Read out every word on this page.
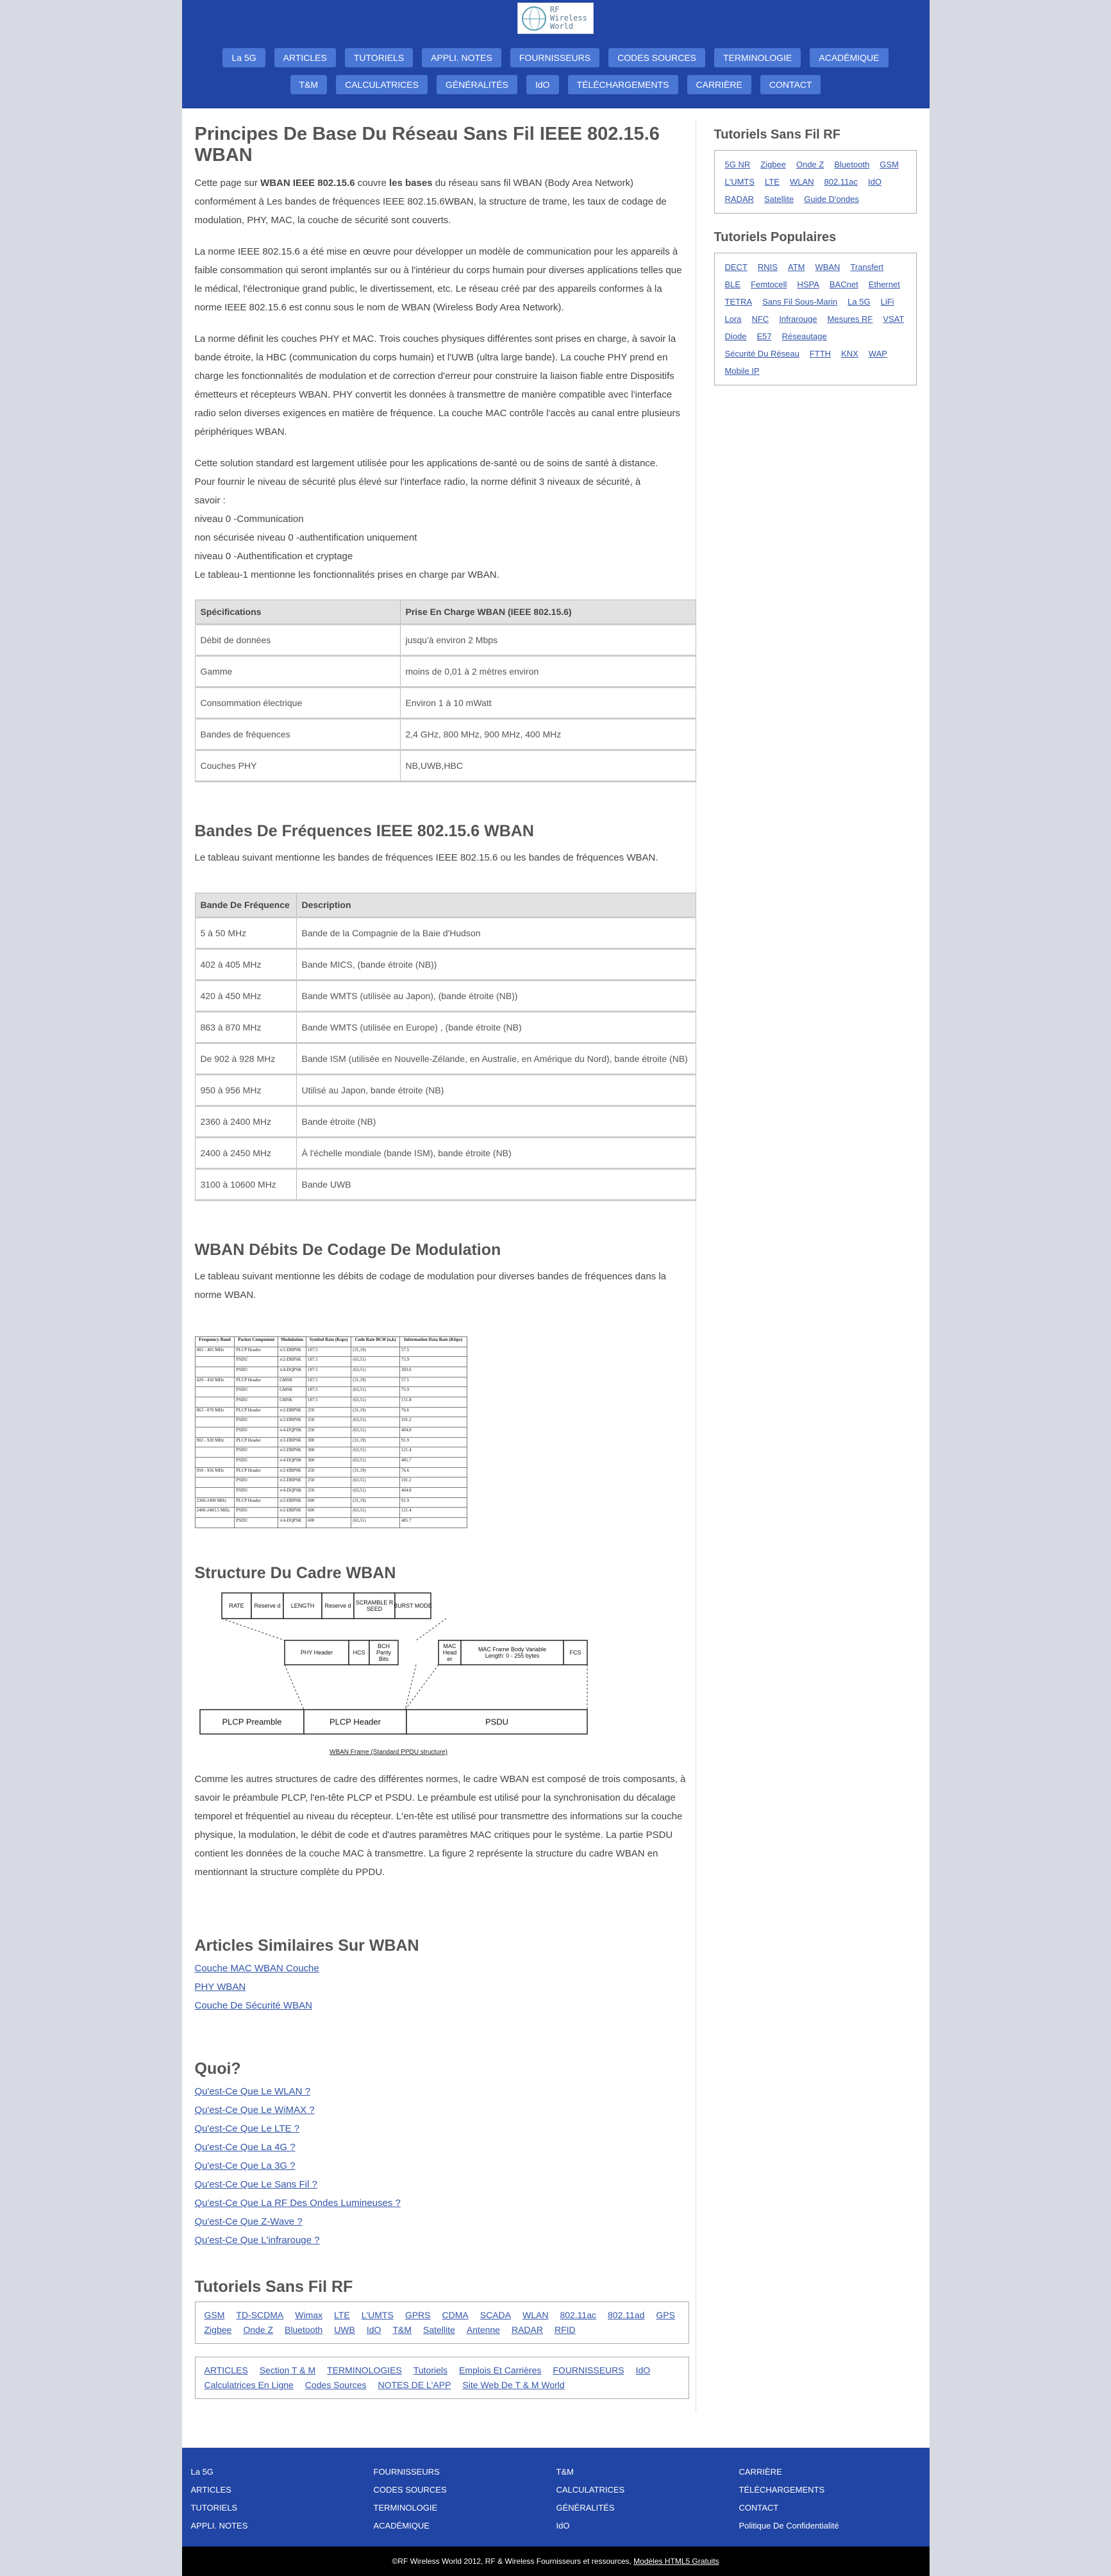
RF
Wireless
World
La 5G	ARTICLES	TUTORIELS	APPLI. NOTES	FOURNISSEURS	CODES SOURCES	TERMINOLOGIE	ACADÉMIQUE
T&M	CALCULATRICES	GÉNÉRALITÉS	IdO	TÉLÉCHARGEMENTS	CARRIÈRE	CONTACT
Principes De Base Du Réseau Sans Fil IEEE 802.15.6 WBAN

Cette page sur WBAN IEEE 802.15.6 couvre les bases du réseau sans fil WBAN (Body Area Network) conformément à Les bandes de fréquences IEEE 802.15.6WBAN, la structure de trame, les taux de codage de modulation, PHY, MAC, la couche de sécurité sont couverts.

La norme IEEE 802.15.6 a été mise en œuvre pour développer un modèle de communication pour les appareils à faible consommation qui seront implantés sur ou à l'intérieur du corps humain pour diverses applications telles que le médical, l'électronique grand public, le divertissement, etc. Le réseau créé par des appareils conformes à la norme IEEE 802.15.6 est connu sous le nom de WBAN (Wireless Body Area Network).

La norme définit les couches PHY et MAC. Trois couches physiques différentes sont prises en charge, à savoir la bande étroite, la HBC (communication du corps humain) et l'UWB (ultra large bande). La couche PHY prend en charge les fonctionnalités de modulation et de correction d'erreur pour construire la liaison fiable entre Dispositifs émetteurs et récepteurs WBAN. PHY convertit les données à transmettre de manière compatible avec l'interface radio selon diverses exigences en matière de fréquence. La couche MAC contrôle l'accès au canal entre plusieurs périphériques WBAN.

Cette solution standard est largement utilisée pour les applications de-santé ou de soins de santé à distance.
Pour fournir le niveau de sécurité plus élevé sur l'interface radio, la norme définit 3 niveaux de sécurité, à
savoir :
niveau 0 -Communication
non sécurisée niveau 0 -authentification uniquement
niveau 0 -Authentification et cryptage
Le tableau-1 mentionne les fonctionnalités prises en charge par WBAN.
Spécifications	Prise En Charge WBAN (IEEE 802.15.6)
Débit de données	jusqu'à environ 2 Mbps
Gamme	moins de 0,01 à 2 mètres environ
Consommation électrique	Environ 1 à 10 mWatt
Bandes de fréquences	2,4 GHz, 800 MHz, 900 MHz, 400 MHz
Couches PHY	NB,UWB,HBC
Bandes De Fréquences IEEE 802.15.6 WBAN

Le tableau suivant mentionne les bandes de fréquences IEEE 802.15.6 ou les bandes de fréquences WBAN.

Bande De Fréquence	Description
5 à 50 MHz	Bande de la Compagnie de la Baie d'Hudson
402 à 405 MHz	Bande MICS, (bande étroite (NB))
420 à 450 MHz	Bande WMTS (utilisée au Japon), (bande étroite (NB))
863 à 870 MHz	Bande WMTS (utilisée en Europe) , (bande étroite (NB)
De 902 à 928 MHz	Bande ISM (utilisée en Nouvelle-Zélande, en Australie, en Amérique du Nord), bande étroite (NB)
950 à 956 MHz	Utilisé au Japon, bande étroite (NB)
2360 à 2400 MHz	Bande étroite (NB)
2400 à 2450 MHz	À l'échelle mondiale (bande ISM), bande étroite (NB)
3100 à 10600 MHz	Bande UWB
WBAN Débits De Codage De Modulation

Le tableau suivant mentionne les débits de codage de modulation pour diverses bandes de fréquences dans la norme WBAN.

Frequency Band	Packet Component	Modulation	Symbol Rate (Ksps)	Code Rate BCH (n,k)	Information Data Rate (Kbps)
402 - 405 MHz	PLCP Header	π/2-DBPSK	187.5	(31,19)	57.5
	PSDU	π/2-DBPSK	187.5	(63,51)	75.9
	PSDU	π/4-DQPSK	187.5	(63,51)	303.6
420 - 450 MHz	PLCP Header	GMSK	187.5	(31,19)	57.5
	PSDU	GMSK	187.5	(63,51)	75.9
	PSDU	GMSK	187.5	(63,51)	151.8
863 - 870 MHz	PLCP Header	π/2-DBPSK	250	(31,19)	76.6
	PSDU	π/2-DBPSK	250	(63,51)	101.2
	PSDU	π/4-DQPSK	250	(63,51)	404.8
902 - 928 MHz	PLCP Header	π/2-DBPSK	300	(31,19)	91.9
	PSDU	π/2-DBPSK	300	(63,51)	121.4
	PSDU	π/4-DQPSK	300	(63,51)	485.7
950 - 956 MHz	PLCP Header	π/2-DBPSK	250	(31,19)	76.6
	PSDU	π/2-DBPSK	250	(63,51)	101.2
	PSDU	π/4-DQPSK	250	(63,51)	404.8
2360-2400 MHz	PLCP Header	π/2-DBPSK	600	(31,19)	91.9
2400-2483.5 MHz	PSDU	π/2-DBPSK	600	(63,51)	121.4
	PSDU	π/4-DQPSK	600	(63,51)	485.7
Structure Du Cadre WBAN
RATE Reserve d LENGTH Reserve d SCRAMBLE R
SEED BURST MODE
PHY Header	HCS
BCH
Parity
Bits
MAC
Head
er
MAC Frame Body Variable
Length: 0 - 255 bytes	FCS
PLCP Preamble	PLCP Header	PSDU
WBAN Frame (Standard PPDU structure)

Comme les autres structures de cadre des différentes normes, le cadre WBAN est composé de trois composants, à savoir le préambule PLCP, l'en-tête PLCP et PSDU. Le préambule est utilisé pour la synchronisation du décalage temporel et fréquentiel au niveau du récepteur. L'en-tête est utilisé pour transmettre des informations sur la couche physique, la modulation, le débit de code et d'autres paramètres MAC critiques pour le système. La partie PSDU contient les données de la couche MAC à transmettre. La figure 2 représente la structure du cadre WBAN en mentionnant la structure complète du PPDU.

Articles Similaires Sur WBAN
Couche MAC WBAN Couche
PHY WBAN
Couche De Sécurité WBAN
Quoi?
Qu'est-Ce Que Le WLAN ?
Qu'est-Ce Que Le WiMAX ?
Qu'est-Ce Que Le LTE ?
Qu'est-Ce Que La 4G ?
Qu'est-Ce Que La 3G ?
Qu'est-Ce Que Le Sans Fil ?
Qu'est-Ce Que La RF Des Ondes Lumineuses ?
Qu'est-Ce Que Z-Wave ?
Qu'est-Ce Que L'infrarouge ?
Tutoriels Sans Fil RF
GSM TD-SCDMA Wimax LTE L'UMTS GPRS CDMA SCADA WLAN 802.11ac 802.11ad GPS
Zigbee Onde Z Bluetooth UWB IdO T&M Satellite Antenne RADAR RFID
ARTICLES Section T & M TERMINOLOGIES Tutoriels Emplois Et Carrières FOURNISSEURS IdO
Calculatrices En Ligne Codes Sources NOTES DE L'APP Site Web De T & M World
Tutoriels Sans Fil RF
5G NR Zigbee Onde Z Bluetooth GSM
L'UMTS LTE WLAN 802.11ac IdO
RADAR Satellite Guide D'ondes
Tutoriels Populaires
DECT RNIS ATM WBAN Transfert
BLE Femtocell HSPA BACnet Ethernet
TETRA Sans Fil Sous-Marin La 5G LiFi
Lora NFC Infrarouge Mesures RF VSAT
Diode E57 Réseautage
Sécurité Du Réseau FTTH KNX WAP
Mobile IP
La 5G	FOURNISSEURS	T&M	CARRIÈRE
ARTICLES	CODES SOURCES	CALCULATRICES	TÉLÉCHARGEMENTS
TUTORIELS	TERMINOLOGIE	GÉNÉRALITÉS	CONTACT
APPLI. NOTES	ACADÉMIQUE	IdO	Politique De Confidentialité
©RF Wireless World 2012, RF & Wireless Fournisseurs et ressources, Modèles HTML5 Gratuits
